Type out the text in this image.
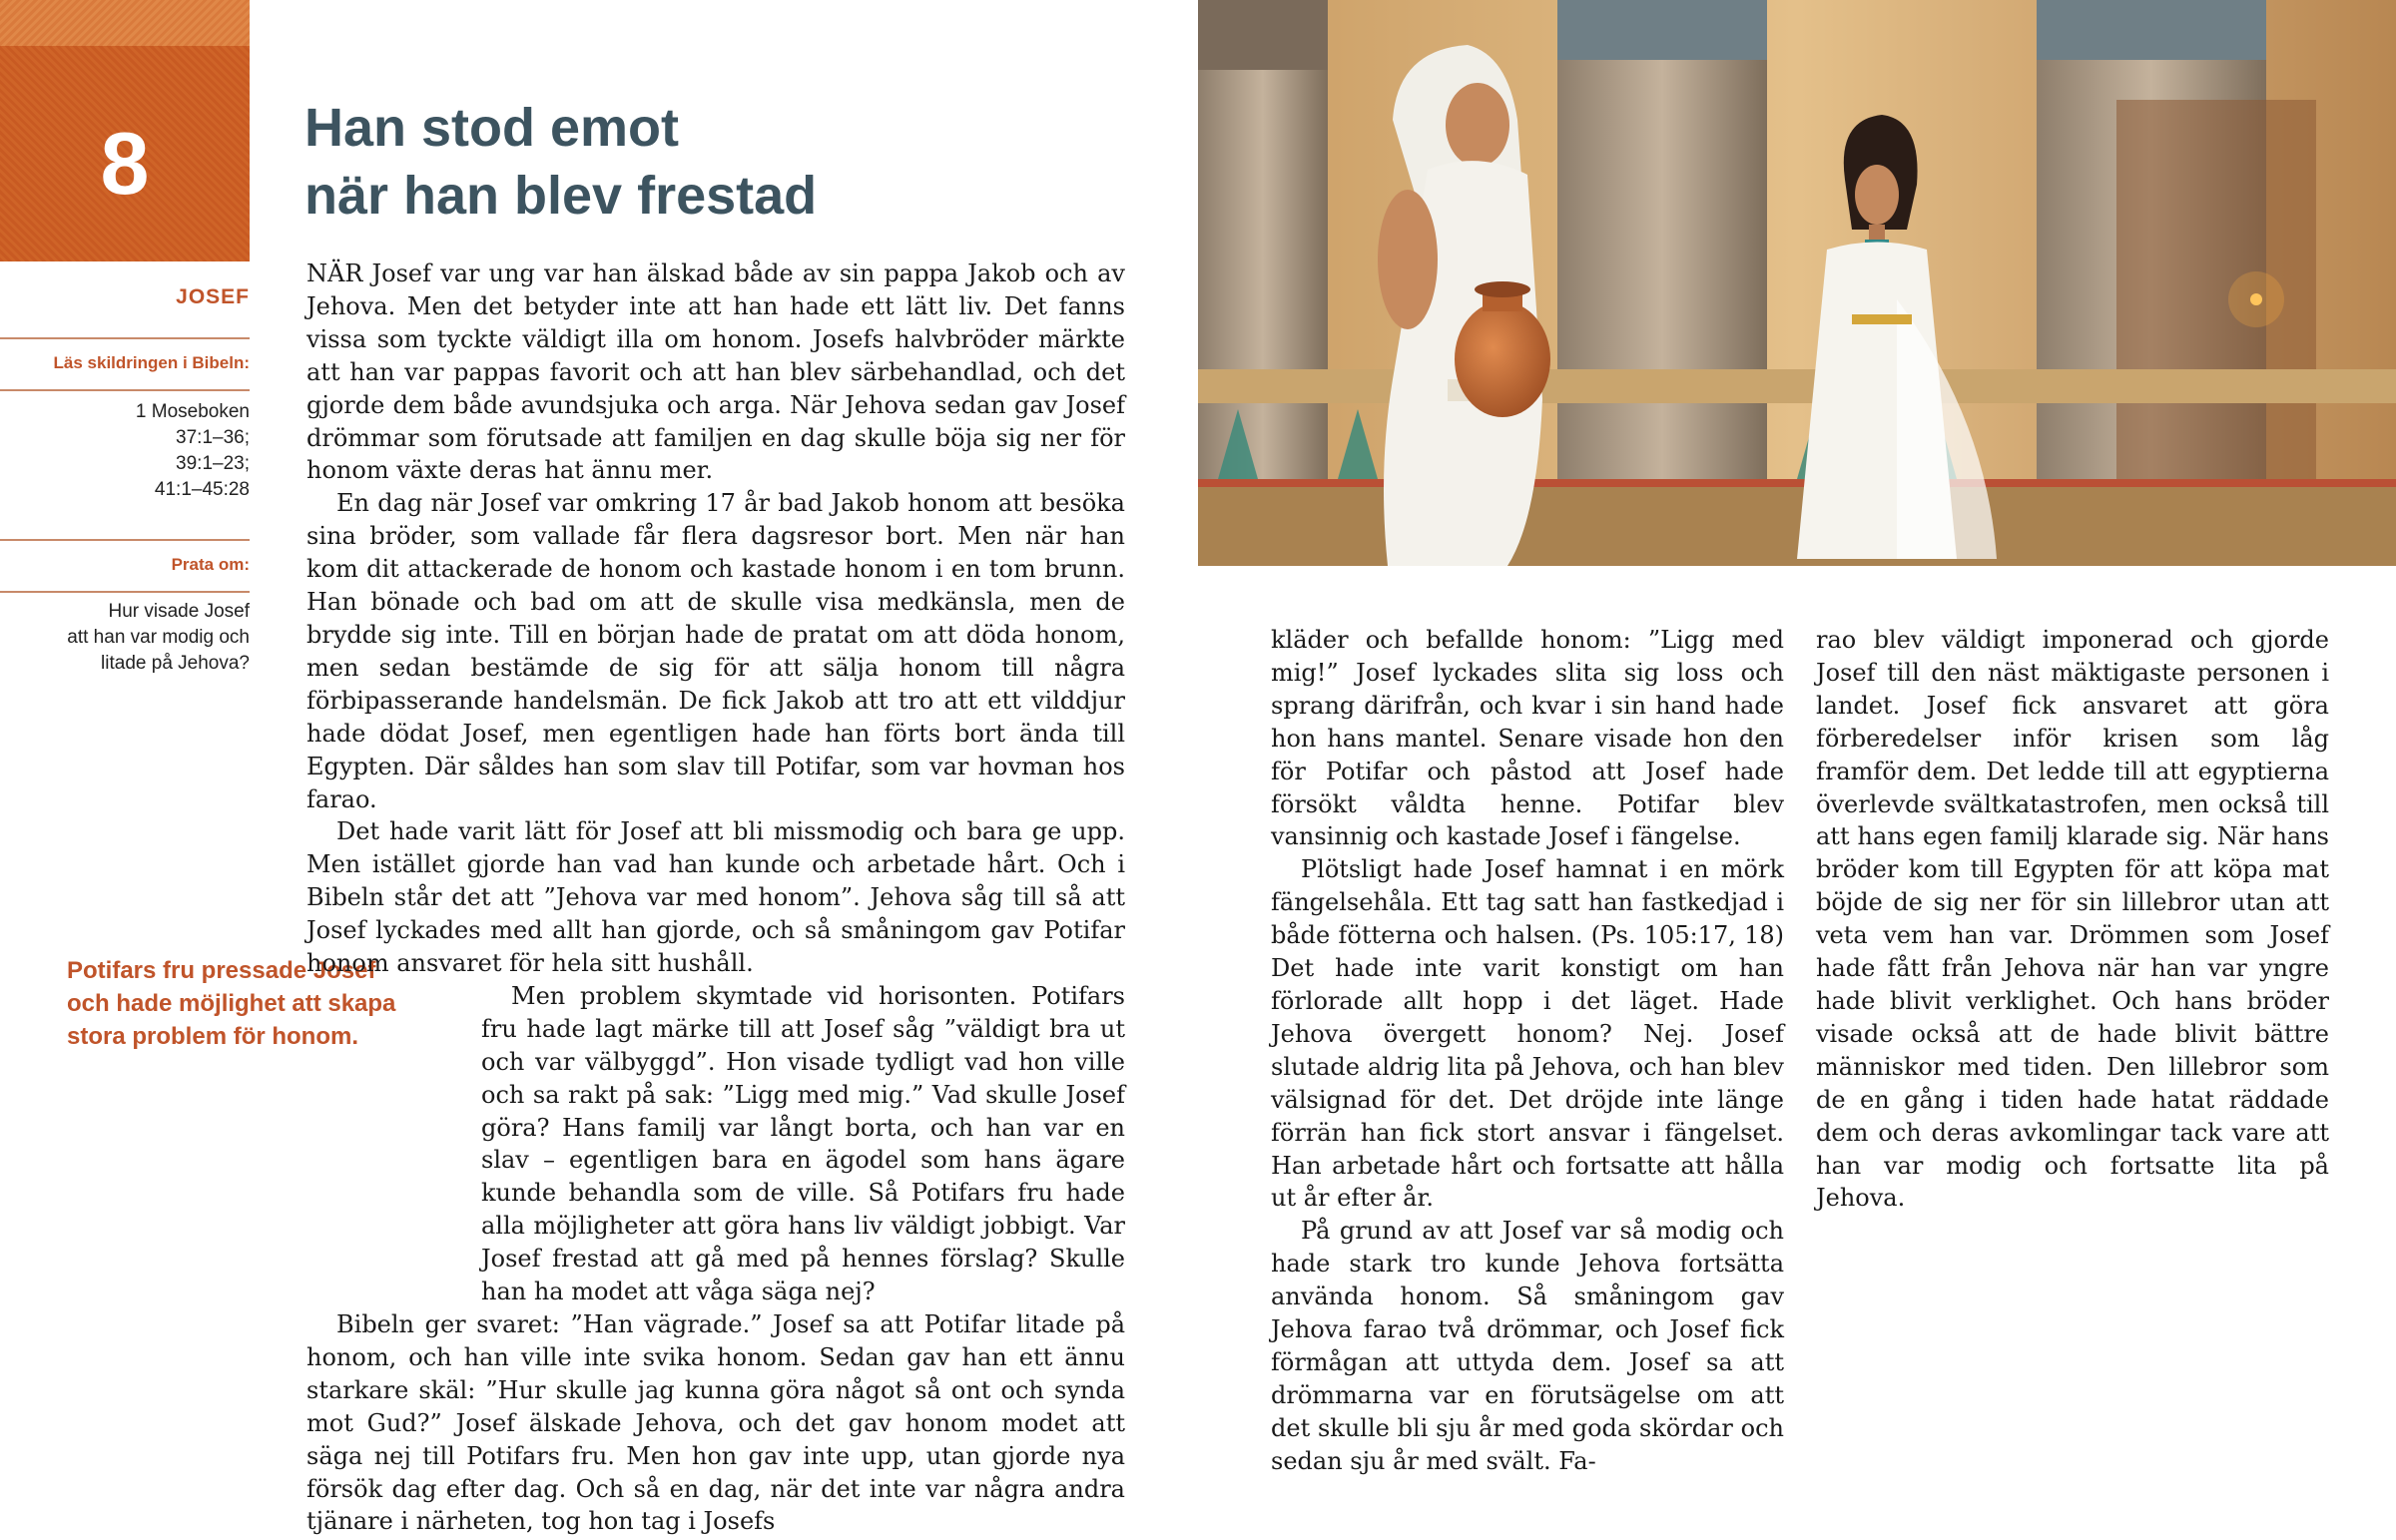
8
JOSEF
Läs skildringen i Bibeln:
1 Moseboken
37:1–36;
39:1–23;
41:1–45:28
Prata om:
Hur visade Josef
att han var modig och
litade på Jehova?
Han stod emot
när han blev frestad
Potifars fru pressade Josef
och hade möjlighet att skapa
stora problem för honom.

NÄR Josef var ung var han älskad både av sin pappa Jakob och av Jehova. Men det betyder inte att han hade ett lätt liv. Det fanns vissa som tyckte väldigt illa om honom. Josefs halvbröder märkte att han var pappas favorit och att han blev särbehandlad, och det gjorde dem både avundsjuka och arga. När Jehova sedan gav Josef drömmar som förutsade att familjen en dag skulle böja sig ner för honom växte deras hat ännu mer.

En dag när Josef var omkring 17 år bad Jakob honom att besöka sina bröder, som vallade får flera dagsresor bort. Men när han kom dit attackerade de honom och kastade honom i en tom brunn. Han bönade och bad om att de skulle visa medkänsla, men de brydde sig inte. Till en början hade de pratat om att döda honom, men sedan bestämde de sig för att sälja honom till några förbipasserande handelsmän. De fick Jakob att tro att ett vilddjur hade dödat Josef, men egentligen hade han förts bort ända till Egypten. Där såldes han som slav till Potifar, som var hovman hos farao.

Det hade varit lätt för Josef att bli missmodig och bara ge upp. Men istället gjorde han vad han kunde och arbetade hårt. Och i Bibeln står det att ”Jehova var med honom”. Jehova såg till så att Josef lyckades med allt han gjorde, och så småningom gav Potifar honom ansvaret för hela sitt hushåll.

Men problem skymtade vid horisonten. Potifars fru hade lagt märke till att Josef såg ”väldigt bra ut och var välbyggd”. Hon visade tydligt vad hon ville och sa rakt på sak: ”Ligg med mig.” Vad skulle Josef göra? Hans familj var långt borta, och han var en slav – egentligen bara en ägodel som hans ägare kunde behandla som de ville. Så Potifars fru hade alla möjligheter att göra hans liv väldigt jobbigt. Var Josef frestad att gå med på hennes förslag? Skulle han ha modet att våga säga nej?

Bibeln ger svaret: ”Han vägrade.” Josef sa att Potifar litade på honom, och han ville inte svika honom. Sedan gav han ett ännu starkare skäl: ”Hur skulle jag kunna göra något så ont och synda mot Gud?” Josef älskade Jehova, och det gav honom modet att säga nej till Potifars fru. Men hon gav inte upp, utan gjorde nya försök dag efter dag. Och så en dag, när det inte var några andra tjänare i närheten, tog hon tag i Josefs

kläder och befallde honom: ”Ligg med mig!” Josef lyckades slita sig loss och sprang därifrån, och kvar i sin hand hade hon hans mantel. Senare visade hon den för Potifar och påstod att Josef hade försökt våldta henne. Potifar blev vansinnig och kastade Josef i fängelse.

Plötsligt hade Josef hamnat i en mörk fängelsehåla. Ett tag satt han fastkedjad i både fötterna och halsen. (Ps. 105:17, 18) Det hade inte varit konstigt om han förlorade allt hopp i det läget. Hade Jehova övergett honom? Nej. Josef slutade aldrig lita på Jehova, och han blev välsignad för det. Det dröjde inte länge förrän han fick stort ansvar i fängelset. Han arbetade hårt och fortsatte att hålla ut år efter år.

På grund av att Josef var så modig och hade stark tro kunde Jehova fortsätta använda honom. Så småningom gav Jehova farao två drömmar, och Josef fick förmågan att uttyda dem. Josef sa att drömmarna var en förutsägelse om att det skulle bli sju år med goda skördar och sedan sju år med svält. Fa-

rao blev väldigt imponerad och gjorde Josef till den näst mäktigaste personen i landet. Josef fick ansvaret att göra förberedelser inför krisen som låg framför dem. Det ledde till att egyptierna överlevde svältkatastrofen, men också till att hans egen familj klarade sig. När hans bröder kom till Egypten för att köpa mat böjde de sig ner för sin lillebror utan att veta vem han var. Drömmen som Josef hade fått från Jehova när han var yngre hade blivit verklighet. Och hans bröder visade också att de hade blivit bättre människor med tiden. Den lillebror som de en gång i tiden hade hatat räddade dem och deras avkomlingar tack vare att han var modig och fortsatte lita på Jehova.
